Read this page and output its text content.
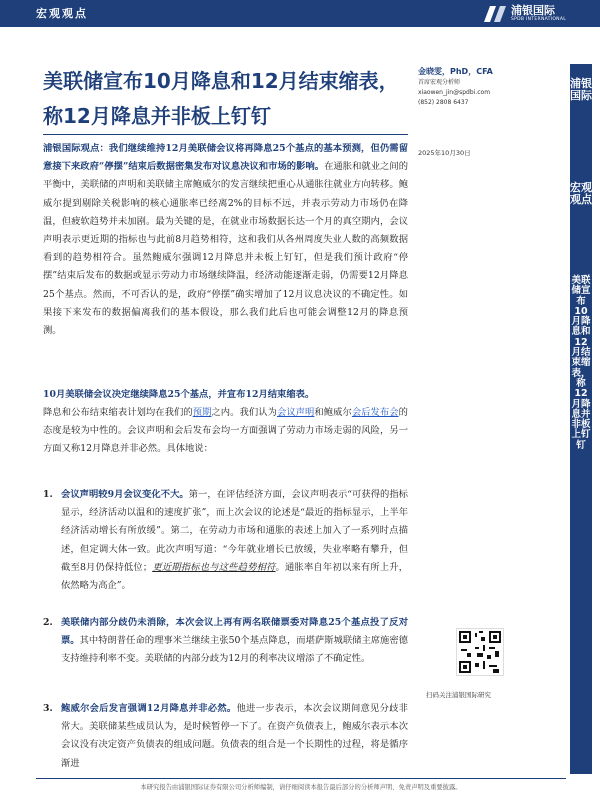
宏观观点	浦银国际
SPDB INTERNATIONAL
美联储宣布10月降息和12月结束缩表，称12月降息并非板上钉钉
金晓雯，PhD，CFA
首席宏观分析师
xiaowen_jin@spdbi.com
(852) 2808 6437
2025年10月30日
浦银国际
宏观观点
美联储宣布10月降息和12月结束缩表，称12月降息并非板上钉钉

浦银国际观点：我们继续维持12月美联储会议将再降息25个基点的基本预测，但仍需留意接下来政府“停摆”结束后数据密集发布对议息决议和市场的影响。在通胀和就业之间的平衡中，美联储的声明和美联储主席鲍威尔的发言继续把重心从通胀往就业方向转移。鲍威尔提到剔除关税影响的核心通胀率已经离2%的目标不远，并表示劳动力市场仍在降温，但疲软趋势并未加剧。最为关键的是，在就业市场数据长达一个月的真空期内，会议声明表示更近期的指标也与此前8月趋势相符，这和我们从各州周度失业人数的高频数据看到的趋势相符合。虽然鲍威尔强调12月降息并未板上钉钉，但是我们预计政府“停摆”结束后发布的数据或显示劳动力市场继续降温，经济动能逐渐走弱，仍需要12月降息25个基点。然而，不可否认的是，政府“停摆”确实增加了12月议息决议的不确定性。如果接下来发布的数据偏离我们的基本假设，那么我们此后也可能会调整12月的降息预测。

10月美联储会议决定继续降息25个基点，并宣布12月结束缩表。

降息和公布结束缩表计划均在我们的预期之内。我们认为会议声明和鲍威尔会后发布会的态度是较为中性的。会议声明和会后发布会均一方面强调了劳动力市场走弱的风险，另一方面又称12月降息并非必然。具体地说：

1. 会议声明较9月会议变化不大。第一，在评估经济方面，会议声明表示“可获得的指标显示，经济活动以温和的速度扩张”，而上次会议的论述是“最近的指标显示，上半年经济活动增长有所放缓”。第二，在劳动力市场和通胀的表述上加入了一系列时点描述，但定调大体一致。此次声明写道：“今年就业增长已放缓，失业率略有攀升，但截至8月仍保持低位；更近期指标也与这些趋势相符。通胀率自年初以来有所上升，依然略为高企”。
2. 美联储内部分歧仍未消除，本次会议上再有两名联储票委对降息25个基点投了反对票。其中特朗普任命的理事米兰继续主张50个基点降息，而堪萨斯城联储主席施密德支持维持利率不变。美联储的内部分歧为12月的利率决议增添了不确定性。
3. 鲍威尔会后发言强调12月降息并非必然。他进一步表示，本次会议期间意见分歧非常大。美联储某些成员认为，是时候暂停一下了。在资产负债表上，鲍威尔表示本次会议没有决定资产负债表的组成问题。负债表的组合是一个长期性的过程，将是循序渐进
扫码关注浦银国际研究
本研究报告由浦银国际证券有限公司分析师编制，请仔细阅读本报告最后部分的分析师声明、免责声明及重要披露。
